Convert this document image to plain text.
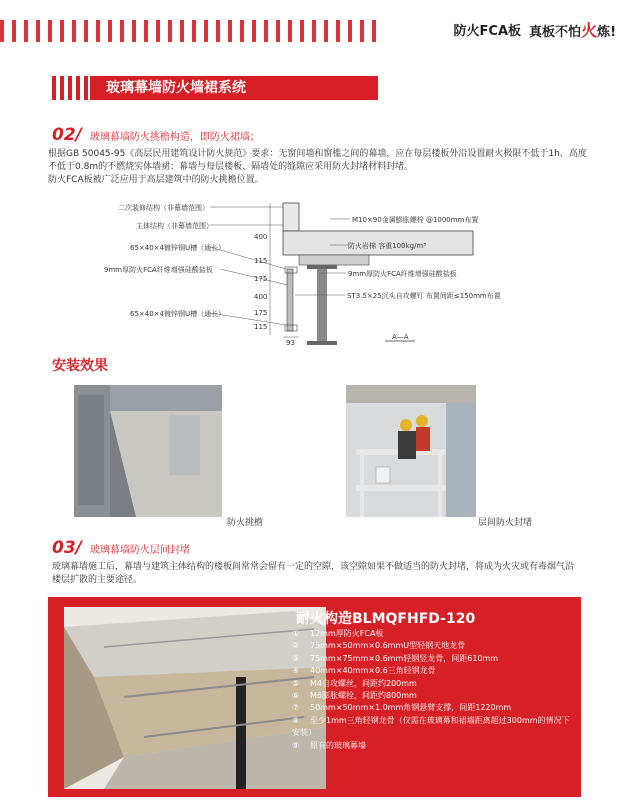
防火FCA板 真板不怕火炼!
玻璃幕墙防火墙裙系统
02/ 玻璃幕墙防火挑檐构造，即防火裙墙；
根据GB 50045-95《高层民用建筑设计防火规范》要求：无窗间墙和窗槛之间的幕墙，应在每层楼板外沿设置耐火极限不低于1h、高度不低于0.8m的不燃烧实体墙裙；幕墙与每层楼板、隔墙处的缝隙应采用防火封堵材料封堵。
防火FCA板被广泛应用于高层建筑中的防火挑檐位置。
二次装修结构（非幕墙范围）
主体结构（非幕墙范围）
65×40×4镀锌钢U槽（通长）
9mm厚防火FCA纤维增强硅酸盐板
65×40×4镀锌钢U槽（通长）
M10×90金属膨胀螺栓 @1000mm布置
防火岩棉 容重100kg/m³
9mm厚防火FCA纤维增强硅酸盐板
ST3.5×25沉头自攻螺钉 布置间距≤150mm布置
400
115
175
400
175
115
93
A—A
安装效果
防火挑檐	层间防火封堵
03/ 玻璃幕墙防火层间封堵
玻璃幕墙施工后，幕墙与建筑主体结构的楼板间常常会留有一定的空隙，该空隙如果不做适当的防火封堵，将成为火灾或有毒烟气沿楼层扩散的主要途径。
耐火构造BLMQFHFD-120
① 12mm厚防火FCA板
② 75mm×50mm×0.6mmU型轻钢天地龙骨
③ 75mm×75mm×0.6mm轻钢竖龙骨，间距610mm
④ 40mm×40mm×0.6三角轻钢龙骨
⑤ M4自攻螺丝，间距约200mm
⑥ M6膨胀螺栓，间距约800mm
⑦ 50mm×50mm×1.0mm角钢悬臂支撑，间距1220mm
⑧ 至少1mm三角轻钢龙骨（仅需在玻璃幕和裙墙距离超过300mm的情况下安装）
⑨ 原有的玻璃幕墙
